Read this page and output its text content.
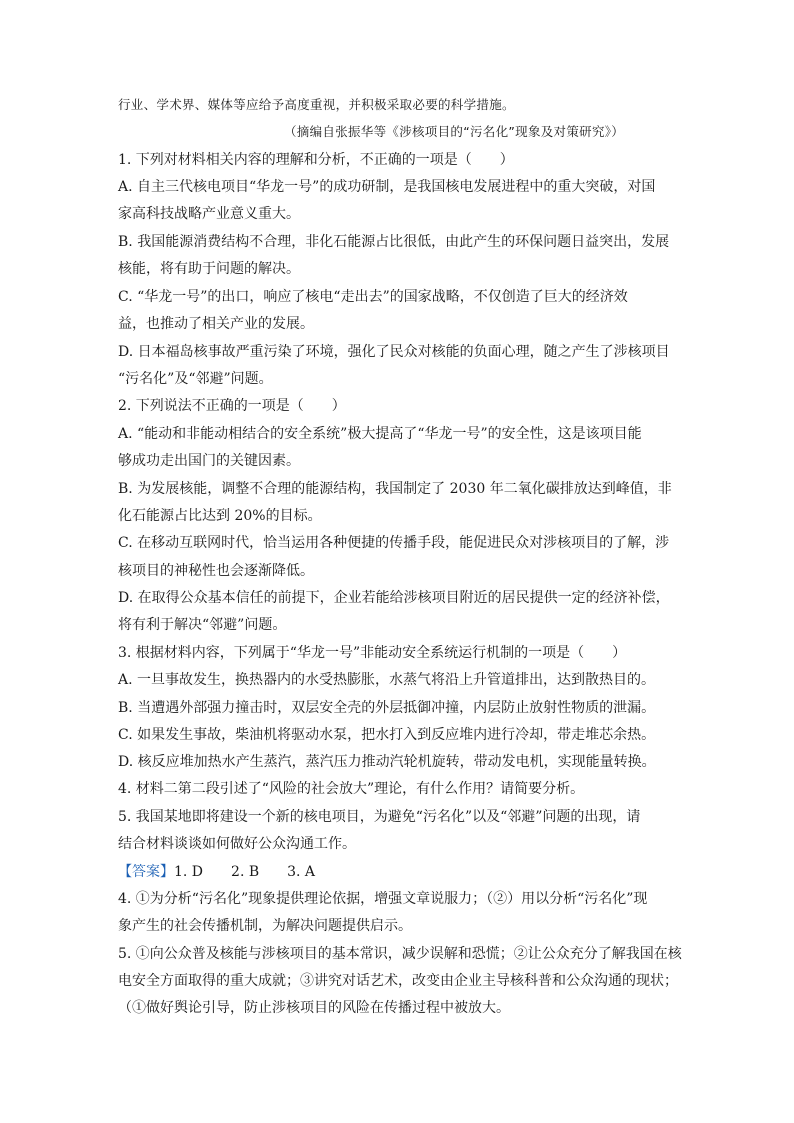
行业、学术界、媒体等应给予高度重视，并积极采取必要的科学措施。
（摘编自张振华等《涉核项目的“污名化”现象及对策研究》）
1. 下列对材料相关内容的理解和分析，不正确的一项是（　　）
A. 自主三代核电项目“华龙一号”的成功研制，是我国核电发展进程中的重大突破，对国
家高科技战略产业意义重大。
B. 我国能源消费结构不合理，非化石能源占比很低，由此产生的环保问题日益突出，发展
核能，将有助于问题的解决。
C. “华龙一号”的出口，响应了核电“走出去”的国家战略，不仅创造了巨大的经济效
益，也推动了相关产业的发展。
D. 日本福岛核事故严重污染了环境，强化了民众对核能的负面心理，随之产生了涉核项目
“污名化”及“邻避”问题。
2. 下列说法不正确的一项是（　　）
A. “能动和非能动相结合的安全系统”极大提高了“华龙一号”的安全性，这是该项目能
够成功走出国门的关键因素。
B. 为发展核能，调整不合理的能源结构，我国制定了 2030 年二氧化碳排放达到峰值，非
化石能源占比达到 20%的目标。
C. 在移动互联网时代，恰当运用各种便捷的传播手段，能促进民众对涉核项目的了解，涉
核项目的神秘性也会逐渐降低。
D. 在取得公众基本信任的前提下，企业若能给涉核项目附近的居民提供一定的经济补偿，
将有利于解决“邻避”问题。
3. 根据材料内容，下列属于“华龙一号”非能动安全系统运行机制的一项是（　　）
A. 一旦事故发生，换热器内的水受热膨胀，水蒸气将沿上升管道排出，达到散热目的。
B. 当遭遇外部强力撞击时，双层安全壳的外层抵御冲撞，内层防止放射性物质的泄漏。
C. 如果发生事故，柴油机将驱动水泵，把水打入到反应堆内进行冷却，带走堆芯余热。
D. 核反应堆加热水产生蒸汽，蒸汽压力推动汽轮机旋转，带动发电机，实现能量转换。
4. 材料二第二段引述了“风险的社会放大”理论，有什么作用？请简要分析。
5. 我国某地即将建设一个新的核电项目，为避免“污名化”以及“邻避”问题的出现，请
结合材料谈谈如何做好公众沟通工作。
【答案】1. D　　2. B　　3. A
4. ①为分析“污名化”现象提供理论依据，增强文章说服力；（②）用以分析“污名化”现
象产生的社会传播机制，为解决问题提供启示。
5. ①向公众普及核能与涉核项目的基本常识，减少误解和恐慌；②让公众充分了解我国在核
电安全方面取得的重大成就；③讲究对话艺术，改变由企业主导核科普和公众沟通的现状；
（①做好舆论引导，防止涉核项目的风险在传播过程中被放大。
